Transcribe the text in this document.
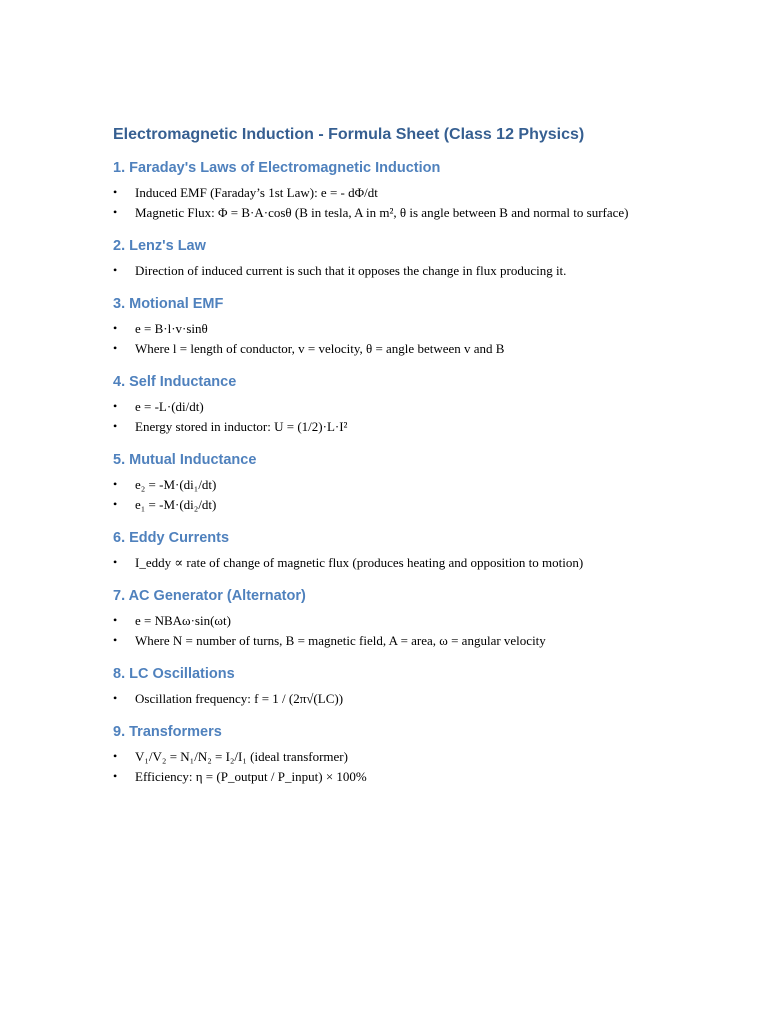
Electromagnetic Induction - Formula Sheet (Class 12 Physics)
1. Faraday's Laws of Electromagnetic Induction
• Induced EMF (Faraday’s 1st Law): e = - dΦ/dt
• Magnetic Flux: Φ = B·A·cosθ (B in tesla, A in m², θ is angle between B and normal to surface)
2. Lenz's Law
• Direction of induced current is such that it opposes the change in flux producing it.
3. Motional EMF
• e = B·l·v·sinθ
• Where l = length of conductor, v = velocity, θ = angle between v and B
4. Self Inductance
• e = -L·(di/dt)
• Energy stored in inductor: U = (1/2)·L·I²
5. Mutual Inductance
• e₂ = -M·(di₁/dt)
• e₁ = -M·(di₂/dt)
6. Eddy Currents
• I_eddy ∝ rate of change of magnetic flux (produces heating and opposition to motion)
7. AC Generator (Alternator)
• e = NBAω·sin(ωt)
• Where N = number of turns, B = magnetic field, A = area, ω = angular velocity
8. LC Oscillations
• Oscillation frequency: f = 1 / (2π√(LC))
9. Transformers
• V₁/V₂ = N₁/N₂ = I₂/I₁ (ideal transformer)
• Efficiency: η = (P_output / P_input) × 100%
